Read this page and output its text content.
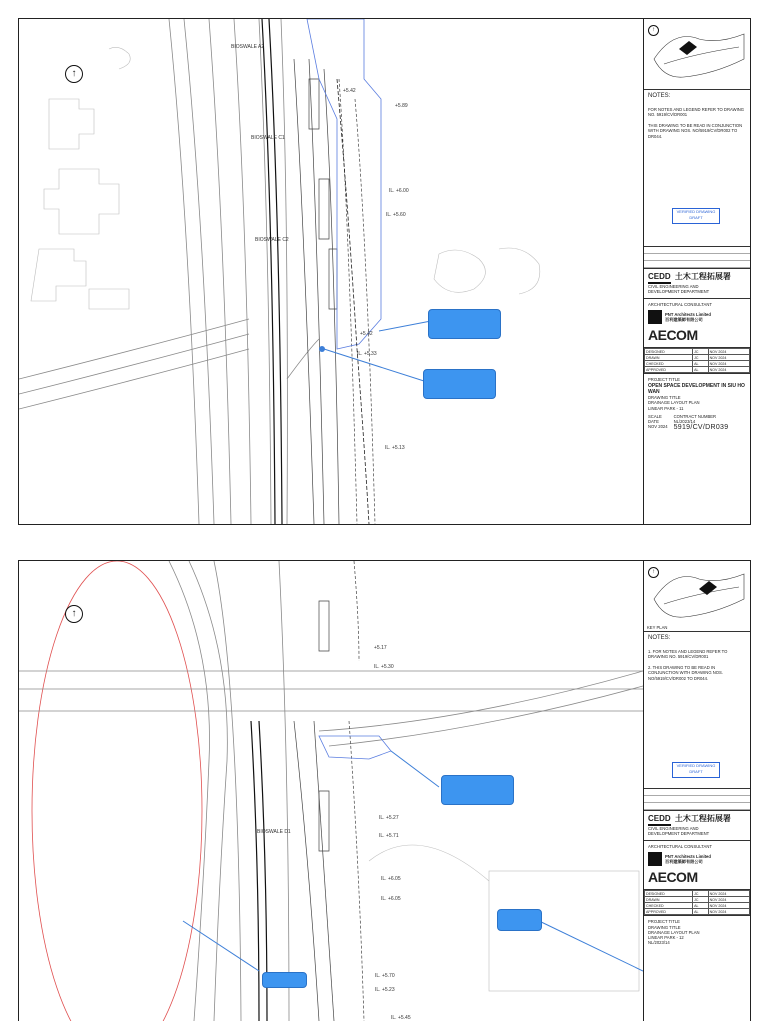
BIOSWALE A2
BIOSWALE C1
BIOSWALE C2
+5.42
+5.89
IL. +6.00
IL. +5.60
+5.42
IL. +5.33
IL. +5.13
↑
↑
NOTES:

FOR NOTES AND LEGEND REFER TO DRAWING NO. 5919/CV/DR001

THIS DRAWING TO BE READ IN CONJUNCTION WITH DRAWING NOS. NO/5919/CV/DR002 TO DR044.

VERIFIED DRAWING
DRAFT
CEDD 土木工程拓展署
CIVIL ENGINEERING AND
DEVELOPMENT DEPARTMENT
ARCHITECTURAL CONSULTANT
PNT Architects Limited
百利建築師有限公司
AECOM
DESIGNED	JC	NOV 2024
DRAWN	JC	NOV 2024
CHECKED	AL	NOV 2024
APPROVED	AL	NOV 2024
PROJECT TITLE
OPEN SPACE DEVELOPMENT IN SIU HO WAN
DRAWING TITLE
DRAINAGE LAYOUT PLAN
LINEAR PARK - 11
SCALE
DATE
NOV 2024
CONTRACT NUMBER
NL/2023/14
5919/CV/DR039
BIOSWALE D1
+5.17
IL. +5.30
IL. +5.27
IL. +5.71
IL. +6.05
IL. +6.05
IL. +5.70
IL. +5.23
IL. +5.45
↑
↑
KEY PLAN
NOTES:

1. FOR NOTES AND LEGEND REFER TO DRAWING NO. 5919/CV/DR001

2. THIS DRAWING TO BE READ IN CONJUNCTION WITH DRAWING NOS. NO/5919/CV/DR002 TO DR044.

VERIFIED DRAWING
DRAFT
CEDD 土木工程拓展署
CIVIL ENGINEERING AND
DEVELOPMENT DEPARTMENT
ARCHITECTURAL CONSULTANT
PNT Architects Limited
百利建築師有限公司
AECOM
DESIGNED	JC	NOV 2024
DRAWN	JC	NOV 2024
CHECKED	AL	NOV 2024
APPROVED	AL	NOV 2024
PROJECT TITLE
DRAWING TITLE
DRAINAGE LAYOUT PLAN
LINEAR PARK - 12
NL/2023/14
